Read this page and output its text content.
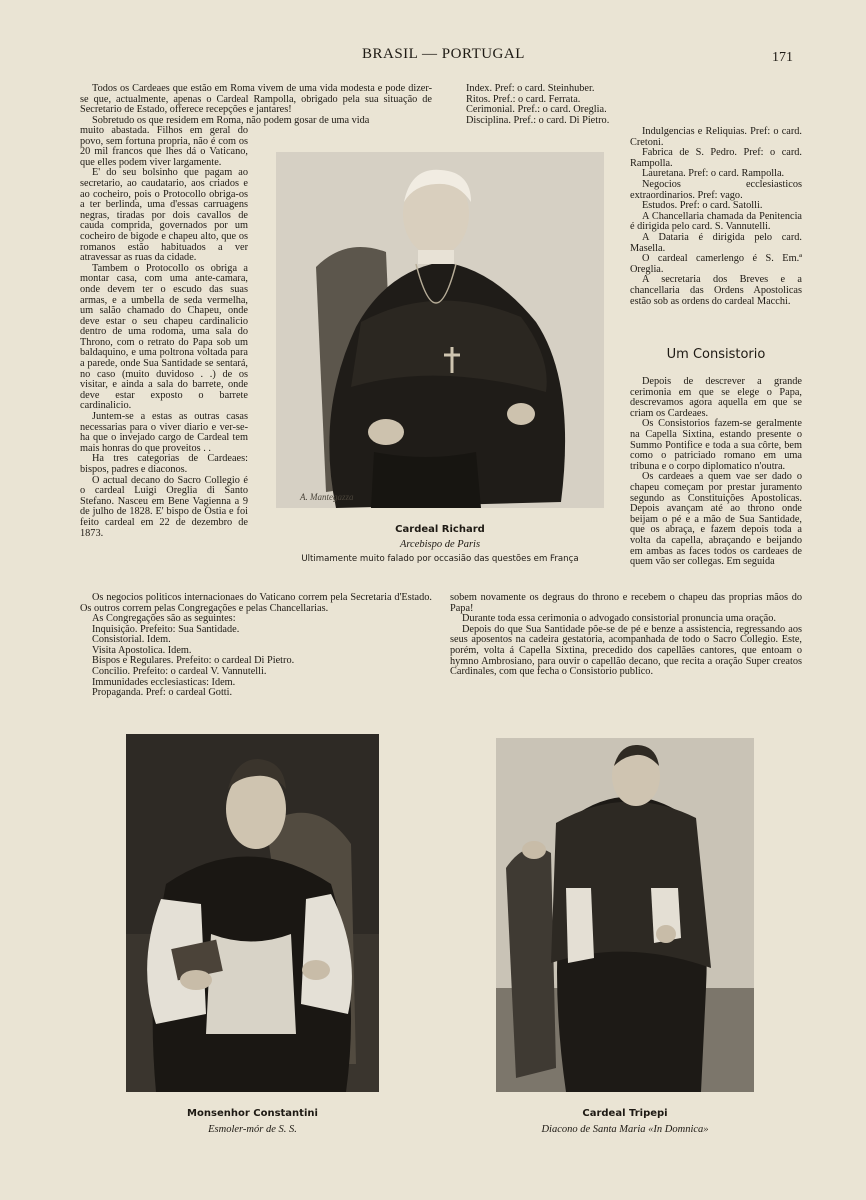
BRASIL — PORTUGAL	171

Todos os Cardeaes que estão em Roma vivem de uma vida modesta e pode dizer-se que, actualmente, apenas o Cardeal Rampolla, obrigado pela sua situação de Secretario de Estado, offerece recepções e jantares!

Sobretudo os que residem em Roma, não podem gosar de uma vida

muito abastada. Filhos em geral do povo, sem fortuna propria, não é com os 20 mil francos que lhes dá o Vaticano, que elles podem viver largamente.

E' do seu bolsinho que pagam ao secretario, ao caudatario, aos criados e ao cocheiro, pois o Protocollo obriga-os a ter berlinda, uma d'essas carruagens negras, tiradas por dois cavallos de cauda comprida, governados por um cocheiro de bigode e chapeu alto, que os romanos estão habituados a ver atravessar as ruas da cidade.

Tambem o Protocollo os obriga a montar casa, com uma ante-camara, onde devem ter o escudo das suas armas, e a umbella de seda vermelha, um salão chamado do Chapeu, onde deve estar o seu chapeu cardinalicio dentro de uma rodoma, uma sala do Throno, com o retrato do Papa sob um baldaquino, e uma poltrona voltada para a parede, onde Sua Santidade se sentará, no caso (muito duvidoso . .) de os visitar, e ainda a sala do barrete, onde deve estar exposto o barrete cardinalicio.

Juntem-se a estas as outras casas necessarias para o viver diario e ver-se-ha que o invejado cargo de Cardeal tem mais honras do que proveitos . .

Ha tres categorias de Cardeaes: bispos, padres e diaconos.

O actual decano do Sacro Collegio é o cardeal Luigi Oreglia di Santo Stefano. Nasceu em Bene Vagienna a 9 de julho de 1828. E' bispo de Ostia e foi feito cardeal em 22 de dezembro de 1873.

Os negocios politicos internacionaes do Vaticano correm pela Secretaria d'Estado. Os outros correm pelas Congregações e pelas Chancellarias.

As Congregações são as seguintes:

Inquisição. Prefeito: Sua Santidade.

Consistorial. Idem.

Visita Apostolica. Idem.

Bispos e Regulares. Prefeito: o cardeal Di Pietro.

Concilio. Prefeito: o cardeal V. Vannutelli.

Immunidades ecclesiasticas: Idem.

Propaganda. Pref: o cardeal Gotti.

Index. Pref: o card. Steinhuber.

Ritos. Pref.: o card. Ferrata.

Cerimonial. Pref.: o card. Oreglia.

Disciplina. Pref.: o card. Di Pietro.

Indulgencias e Reliquias. Pref: o card. Cretoni.

Fabrica de S. Pedro. Pref: o card. Rampolla.

Lauretana. Pref: o card. Rampolla.

Negocios ecclesiasticos extraordinarios. Pref: vago.

Estudos. Pref: o card. Satolli.

A Chancellaria chamada da Penitencia é dirigida pelo card. S. Vannutelli.

A Dataria é dirigida pelo card. Masella.

O cardeal camerlengo é S. Em.ª Oreglia.

A secretaria dos Breves e a chancellaria das Ordens Apostolicas estão sob as ordens do cardeal Macchi.

Um Consistorio

Depois de descrever a grande cerimonia em que se elege o Papa, descrevamos agora aquella em que se criam os Cardeaes.

Os Consistorios fazem-se geralmente na Capella Sixtina, estando presente o Summo Pontifice e toda a sua côrte, bem como o patriciado romano em uma tribuna e o corpo diplomatico n'outra.

Os cardeaes a quem vae ser dado o chapeu começam por prestar juramento segundo as Constituições Apostolicas. Depois avançam até ao throno onde beijam o pé e a mão de Sua Santidade, que os abraça, e fazem depois toda a volta da capella, abraçando e beijando em ambas as faces todos os cardeaes de quem vão ser collegas. Em seguida

sobem novamente os degraus do throno e recebem o chapeu das proprias mãos do Papa!

Durante toda essa cerimonia o advogado consistorial pronuncia uma oração.

Depois do que Sua Santidade põe-se de pé e benze a assistencia, regressando aos seus aposentos na cadeira gestatoria, acompanhada de todo o Sacro Collegio. Este, porém, volta á Capella Sixtina, precedido dos capellães cantores, que entoam o hymno Ambrosiano, para ouvir o capellão decano, que recita a oração Super creatos Cardinales, com que fecha o Consistorio publico.

A. Mantegazza
Cardeal Richard
Arcebispo de Paris
Ultimamente muito falado por occasião das questões em França
Monsenhor Constantini
Esmoler-mór de S. S.
Cardeal Tripepi
Diacono de Santa Maria «In Domnica»
